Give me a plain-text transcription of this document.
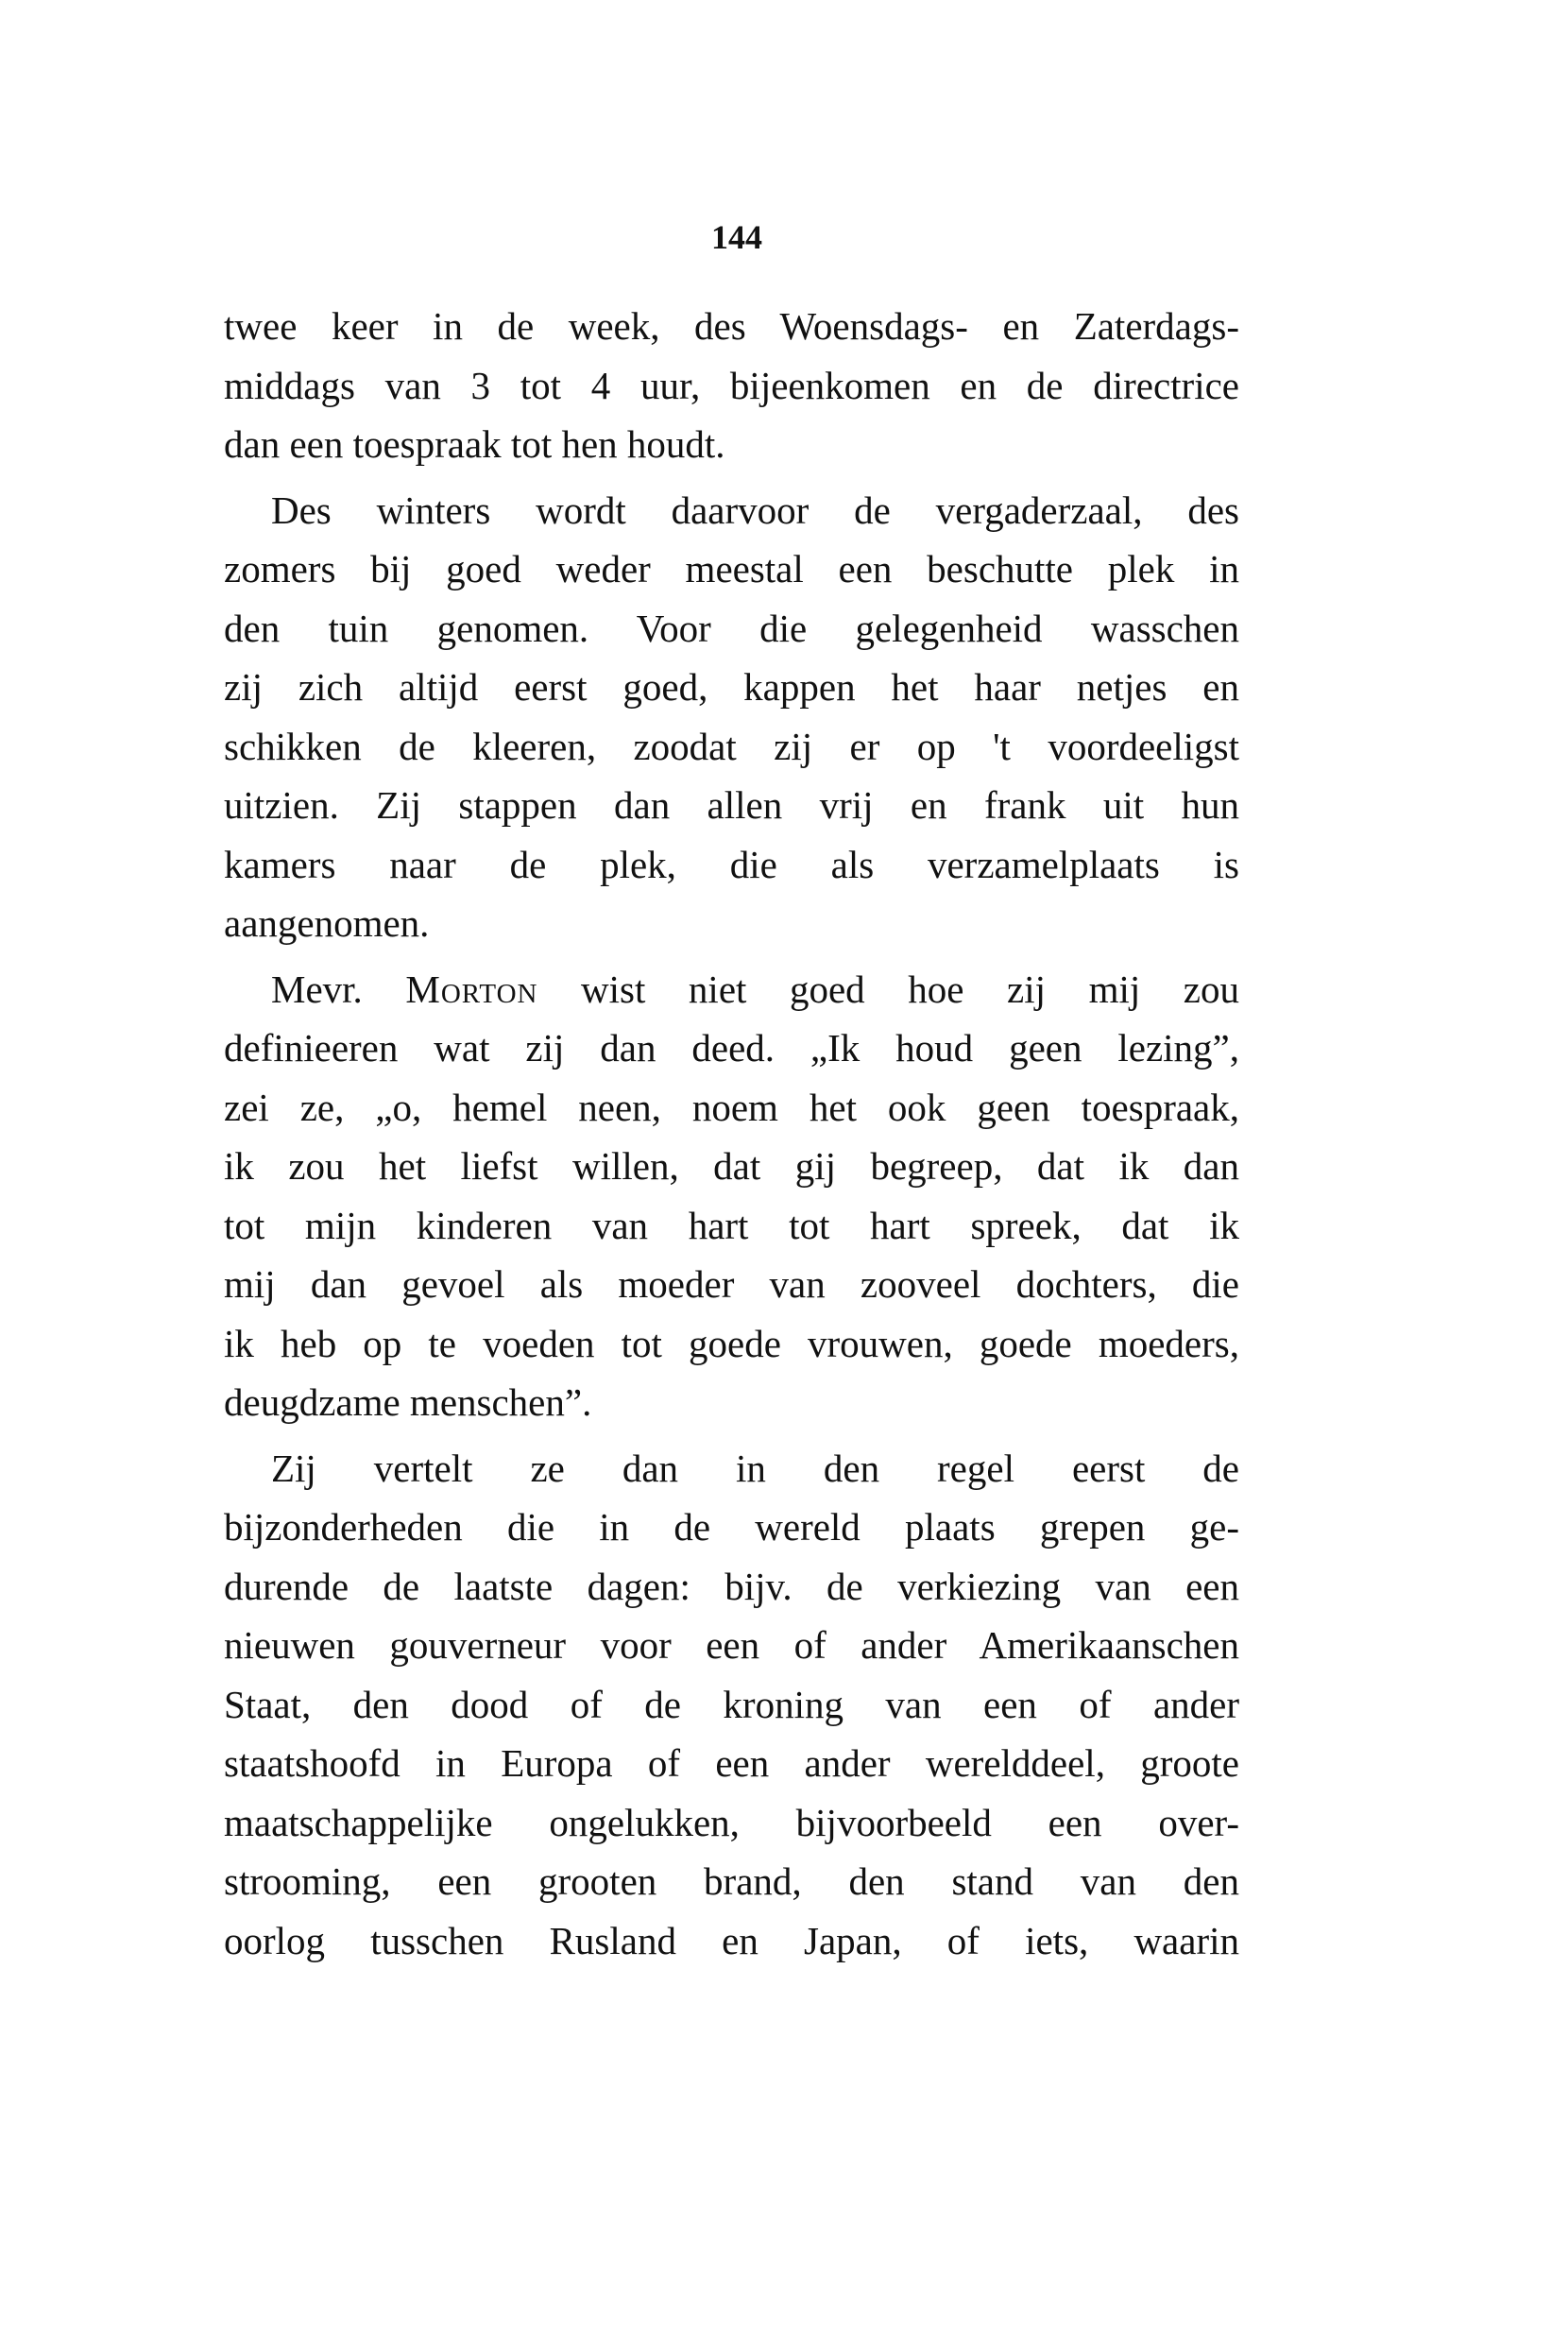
144
twee keer in de week, des Woensdags- en Zaterdags-
middags van 3 tot 4 uur, bijeenkomen en de directrice
dan een toespraak tot hen houdt.
Des winters wordt daarvoor de vergaderzaal, des
zomers bij goed weder meestal een beschutte plek in
den tuin genomen. Voor die gelegenheid wasschen
zij zich altijd eerst goed, kappen het haar netjes en
schikken de kleeren, zoodat zij er op 't voordeeligst
uitzien. Zij stappen dan allen vrij en frank uit hun
kamers naar de plek, die als verzamelplaats is
aangenomen.
Mevr. Morton wist niet goed hoe zij mij zou
definieeren wat zij dan deed. „Ik houd geen lezing”,
zei ze, „o, hemel neen, noem het ook geen toespraak,
ik zou het liefst willen, dat gij begreep, dat ik dan
tot mijn kinderen van hart tot hart spreek, dat ik
mij dan gevoel als moeder van zooveel dochters, die
ik heb op te voeden tot goede vrouwen, goede moeders,
deugdzame menschen”.
Zij vertelt ze dan in den regel eerst de
bijzonderheden die in de wereld plaats grepen ge-
durende de laatste dagen: bijv. de verkiezing van een
nieuwen gouverneur voor een of ander Amerikaanschen
Staat, den dood of de kroning van een of ander
staatshoofd in Europa of een ander werelddeel, groote
maatschappelijke ongelukken, bijvoorbeeld een over-
strooming, een grooten brand, den stand van den
oorlog tusschen Rusland en Japan, of iets, waarin
